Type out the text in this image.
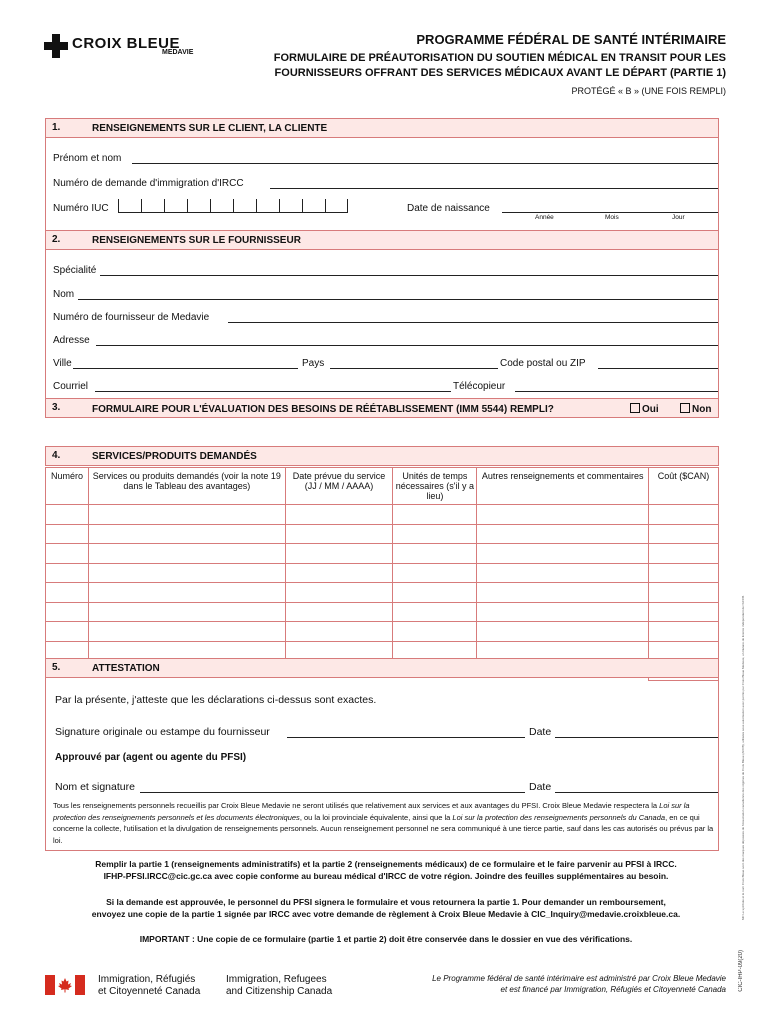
CROIX BLEUE
MEDAVIE
PROGRAMME FÉDÉRAL DE SANTÉ INTÉRIMAIRE
FORMULAIRE DE PRÉAUTORISATION DU SOUTIEN MÉDICAL EN TRANSIT POUR LES
FOURNISSEURS OFFRANT DES SERVICES MÉDICAUX AVANT LE DÉPART (PARTIE 1)
PROTÉGÉ « B » (UNE FOIS REMPLI)
1.	RENSEIGNEMENTS SUR LE CLIENT, LA CLIENTE
Prénom et nom
Numéro de demande d'immigration d'IRCC
Numéro IUC	Date de naissance
Année	Mois	Jour
2.	RENSEIGNEMENTS SUR LE FOURNISSEUR
Spécialité
Nom
Numéro de fournisseur de Medavie
Adresse
Ville	Pays	Code postal ou ZIP
Courriel	Télécopieur
3.	FORMULAIRE POUR L'ÉVALUATION DES BESOINS DE RÉÉTABLISSEMENT (IMM 5544) REMPLI?	Oui	Non
4.	SERVICES/PRODUITS DEMANDÉS
Numéro	Services ou produits demandés (voir la note 19 dans le Tableau des avantages)	Date prévue du service (JJ / MM / AAAA)	Unités de temps nécessaires (s'il y a lieu)	Autres renseignements et commentaires	Coût ($CAN)

5.	ATTESTATION
Par la présente, j'atteste que les déclarations ci-dessus sont exactes.
Signature originale ou estampe du fournisseur	Date
Approuvé par (agent ou agente du PFSI)
Nom et signature	Date
Tous les renseignements personnels recueillis par Croix Bleue Medavie ne seront utilisés que relativement aux services et aux avantages du PFSI. Croix Bleue Medavie respectera la Loi sur la protection des renseignements personnels et les documents électroniques, ou la loi provinciale équivalente, ainsi que la Loi sur la protection des renseignements personnels du Canada, en ce qui concerne la collecte, l'utilisation et la divulgation de renseignements personnels. Aucun renseignement personnel ne sera communiqué à une tierce partie, sauf dans les cas autorisés ou prévus par la loi.
Remplir la partie 1 (renseignements administratifs) et la partie 2 (renseignements médicaux) de ce formulaire et le faire parvenir au PFSI à IRCC.
IFHP-PFSI.IRCC@cic.gc.ca avec copie conforme au bureau médical d'IRCC de votre région. Joindre des feuilles supplémentaires au besoin.
Si la demande est approuvée, le personnel du PFSI signera le formulaire et vous retournera la partie 1. Pour demander un remboursement,
envoyez une copie de la partie 1 signée par IRCC avec votre demande de règlement à Croix Bleue Medavie à CIC_Inquiry@medavie.croixbleue.ca.
IMPORTANT : Une copie de ce formulaire (partie 1 et partie 2) doit être conservée dans le dossier en vue des vérifications.
Immigration, Réfugiés
et Citoyenneté Canada
Immigration, Refugees
and Citizenship Canada
Le Programme fédéral de santé intérimaire est administré par Croix Bleue Medavie
et est financé par Immigration, Réfugiés et Citoyenneté Canada CIC-IHP-09(20)
MC Le symbole et le nom Croix Bleue sont des marques déposées de l'Association canadienne des régimes de Croix Bleue (ACCB), utilisées sous autorisation avec permis par Croix Bleue Medavie, un titulaire de licence indépendant de l'ACCB.
